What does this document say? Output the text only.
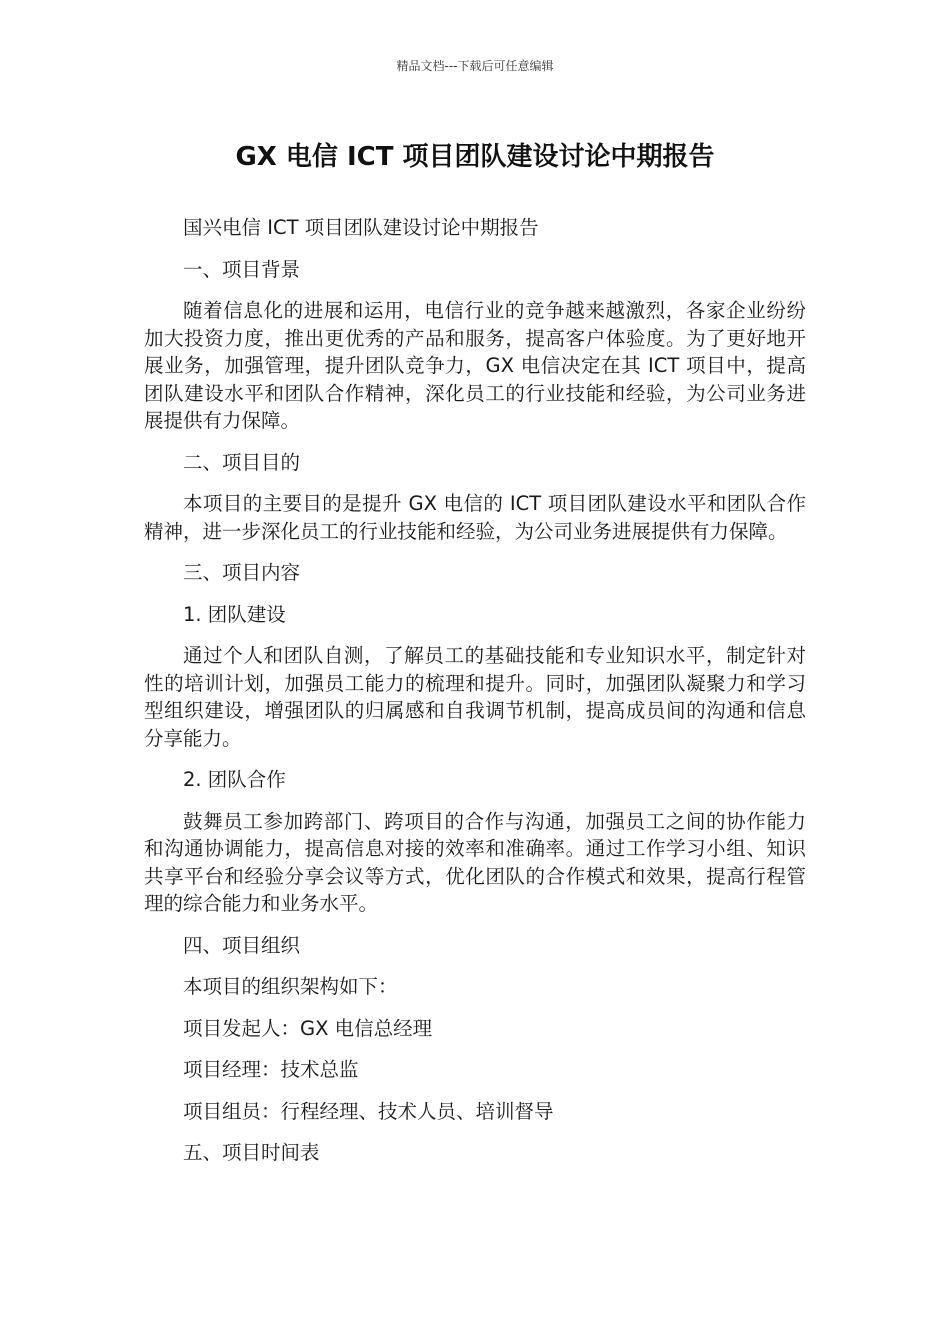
精品文档---下载后可任意编辑
GX 电信 ICT 项目团队建设讨论中期报告

国兴电信 ICT 项目团队建设讨论中期报告

一、项目背景

随着信息化的进展和运用，电信行业的竞争越来越激烈，各家企业纷纷加大投资力度，推出更优秀的产品和服务，提高客户体验度。为了更好地开展业务，加强管理，提升团队竞争力，GX 电信决定在其 ICT 项目中，提高团队建设水平和团队合作精神，深化员工的行业技能和经验，为公司业务进展提供有力保障。

二、项目目的

本项目的主要目的是提升 GX 电信的 ICT 项目团队建设水平和团队合作精神，进一步深化员工的行业技能和经验，为公司业务进展提供有力保障。

三、项目内容

1. 团队建设

通过个人和团队自测，了解员工的基础技能和专业知识水平，制定针对性的培训计划，加强员工能力的梳理和提升。同时，加强团队凝聚力和学习型组织建设，增强团队的归属感和自我调节机制，提高成员间的沟通和信息分享能力。

2. 团队合作

鼓舞员工参加跨部门、跨项目的合作与沟通，加强员工之间的协作能力和沟通协调能力，提高信息对接的效率和准确率。通过工作学习小组、知识共享平台和经验分享会议等方式，优化团队的合作模式和效果，提高行程管理的综合能力和业务水平。

四、项目组织

本项目的组织架构如下：

项目发起人：GX 电信总经理

项目经理：技术总监

项目组员：行程经理、技术人员、培训督导

五、项目时间表
